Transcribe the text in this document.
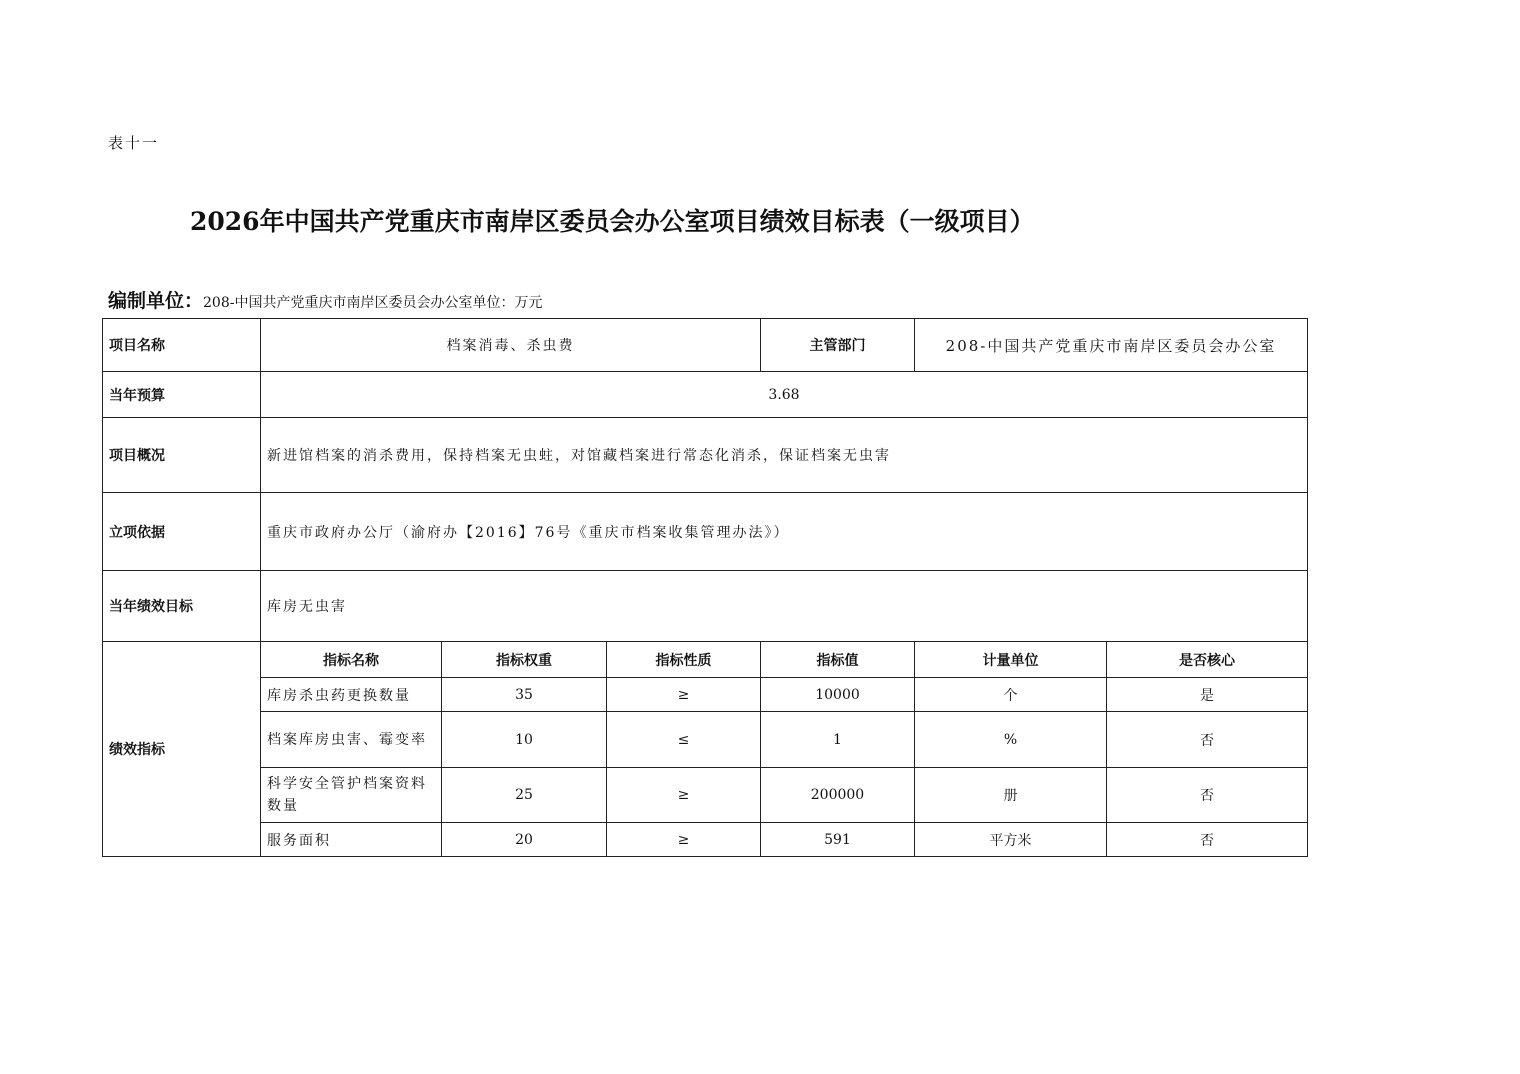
表十一
2026年中国共产党重庆市南岸区委员会办公室项目绩效目标表（一级项目）
编制单位：208-中国共产党重庆市南岸区委员会办公室单位：万元
项目名称	档案消毒、杀虫费			主管部门	208-中国共产党重庆市南岸区委员会办公室	
当年预算	3.68					
项目概况	新进馆档案的消杀费用，保持档案无虫蛀，对馆藏档案进行常态化消杀，保证档案无虫害					
立项依据	重庆市政府办公厅（渝府办【2016】76号《重庆市档案收集管理办法》）					
当年绩效目标	库房无虫害					
绩效指标	指标名称	指标权重	指标性质	指标值	计量单位	是否核心
	库房杀虫药更换数量	35	≥	10000	个	是
	档案库房虫害、霉变率	10	≤	1	%	否
	科学安全管护档案资料数量	25	≥	200000	册	否
	服务面积	20	≥	591	平方米	否
